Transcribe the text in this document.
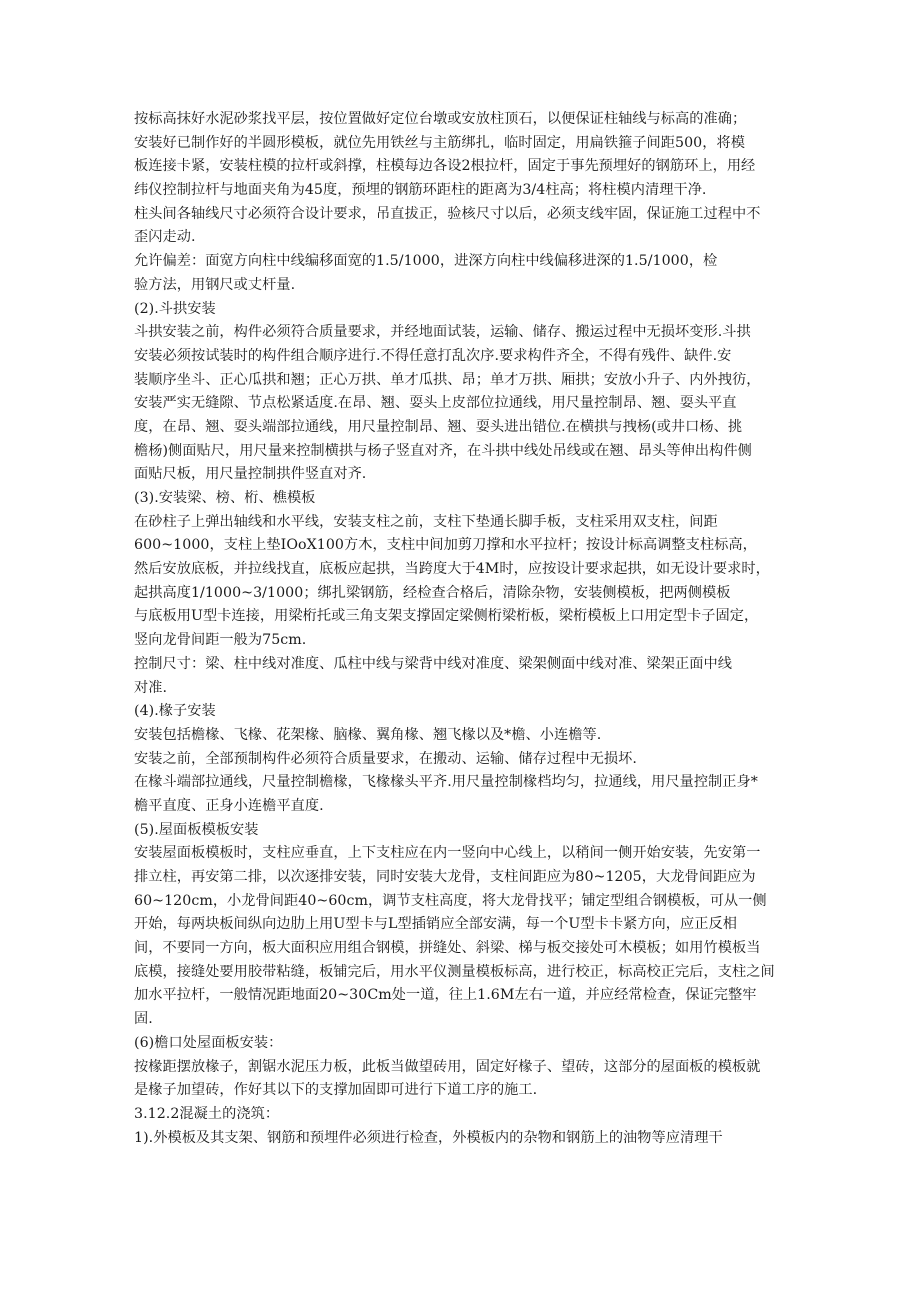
按标高抹好水泥砂浆找平层，按位置做好定位台墩或安放柱顶石，以便保证柱轴线与标高的准确；
安装好已制作好的半圆形模板，就位先用铁丝与主筋绑扎，临时固定，用扁铁箍子间距500，将模
板连接卡紧，安装柱模的拉杆或斜撑，柱模每边各设2根拉杆，固定于事先预埋好的钢筋环上，用经
纬仪控制拉杆与地面夹角为45度，预埋的钢筋环距柱的距离为3/4柱高；将柱模内清理干净.
柱头间各轴线尺寸必须符合设计要求，吊直拔正，验核尺寸以后，必须支线牢固，保证施工过程中不
歪闪走动.
允许偏差：面宽方向柱中线编移面宽的1.5/1000，进深方向柱中线偏移进深的1.5/1000，检
验方法，用钢尺或丈杆量.
(2).斗拱安装
斗拱安装之前，构件必须符合质量要求，并经地面试装，运输、储存、搬运过程中无损坏变形.斗拱
安装必须按试装时的构件组合顺序进行.不得任意打乱次序.要求构件齐全，不得有残件、缺件.安
装顺序坐斗、正心瓜拱和翘；正心万拱、单才瓜拱、昂；单才万拱、厢拱；安放小升子、内外拽彷，
安装严实无缝隙、节点松紧适度.在昂、翘、耍头上皮部位拉通线，用尺量控制昂、翘、耍头平直
度，在昂、翘、耍头端部拉通线，用尺量控制昂、翘、耍头进出错位.在横拱与拽杨(或井口杨、挑
檐杨)侧面贴尺，用尺量来控制横拱与杨子竖直对齐，在斗拱中线处吊线或在翘、昂头等伸出构件侧
面贴尺板，用尺量控制拱件竖直对齐.
(3).安装梁、榜、桁、樵模板
在砂柱子上弹出轴线和水平线，安装支柱之前，支柱下垫通长脚手板，支柱采用双支柱，间距
600~1000，支柱上垫IOoX100方木，支柱中间加剪刀撑和水平拉杆；按设计标高调整支柱标高，
然后安放底板，并拉线找直，底板应起拱，当跨度大于4M时，应按设计要求起拱，如无设计要求时，
起拱高度1/1000~3/1000；绑扎梁钢筋，经检查合格后，清除杂物，安装侧模板，把两侧模板
与底板用U型卡连接，用梁桁托或三角支架支撑固定梁侧桁梁桁板，梁桁模板上口用定型卡子固定，
竖向龙骨间距一般为75cm.
控制尺寸：梁、柱中线对准度、瓜柱中线与梁背中线对准度、梁架侧面中线对准、梁架正面中线
对准.
(4).椽子安装
安装包括檐椽、飞椽、花架椽、脑椽、翼角椽、翘飞椽以及*檐、小连檐等.
安装之前，全部预制构件必须符合质量要求，在搬动、运输、储存过程中无损坏.
在椽斗端部拉通线，尺量控制檐椽，飞椽椽头平齐.用尺量控制椽档均匀，拉通线，用尺量控制正身*
檐平直度、正身小连檐平直度.
(5).屋面板模板安装
安装屋面板模板时，支柱应垂直，上下支柱应在内一竖向中心线上，以稍间一侧开始安装，先安第一
排立柱，再安第二排，以次逐排安装，同时安装大龙骨，支柱间距应为80~1205，大龙骨间距应为
60~120cm，小龙骨间距40~60cm，调节支柱高度，将大龙骨找平；铺定型组合钢模板，可从一侧
开始，每两块板间纵向边肋上用U型卡与L型插销应全部安满，每一个U型卡卡紧方向，应正反相
间，不要同一方向，板大面积应用组合钢模，拼缝处、斜梁、梯与板交接处可木模板；如用竹模板当
底模，接缝处要用胶带粘缝，板铺完后，用水平仪测量模板标高，进行校正，标高校正完后，支柱之间
加水平拉杆，一般情况距地面20~30Cm处一道，往上1.6M左右一道，并应经常检查，保证完整牢
固.
(6)檐口处屋面板安装：
按椽距摆放椽子，割锯水泥压力板，此板当做望砖用，固定好椽子、望砖，这部分的屋面板的模板就
是椽子加望砖，作好其以下的支撑加固即可进行下道工序的施工.
3.12.2混凝土的浇筑：
1).外模板及其支架、钢筋和预埋件必须进行检查，外模板内的杂物和钢筋上的油物等应清理干
